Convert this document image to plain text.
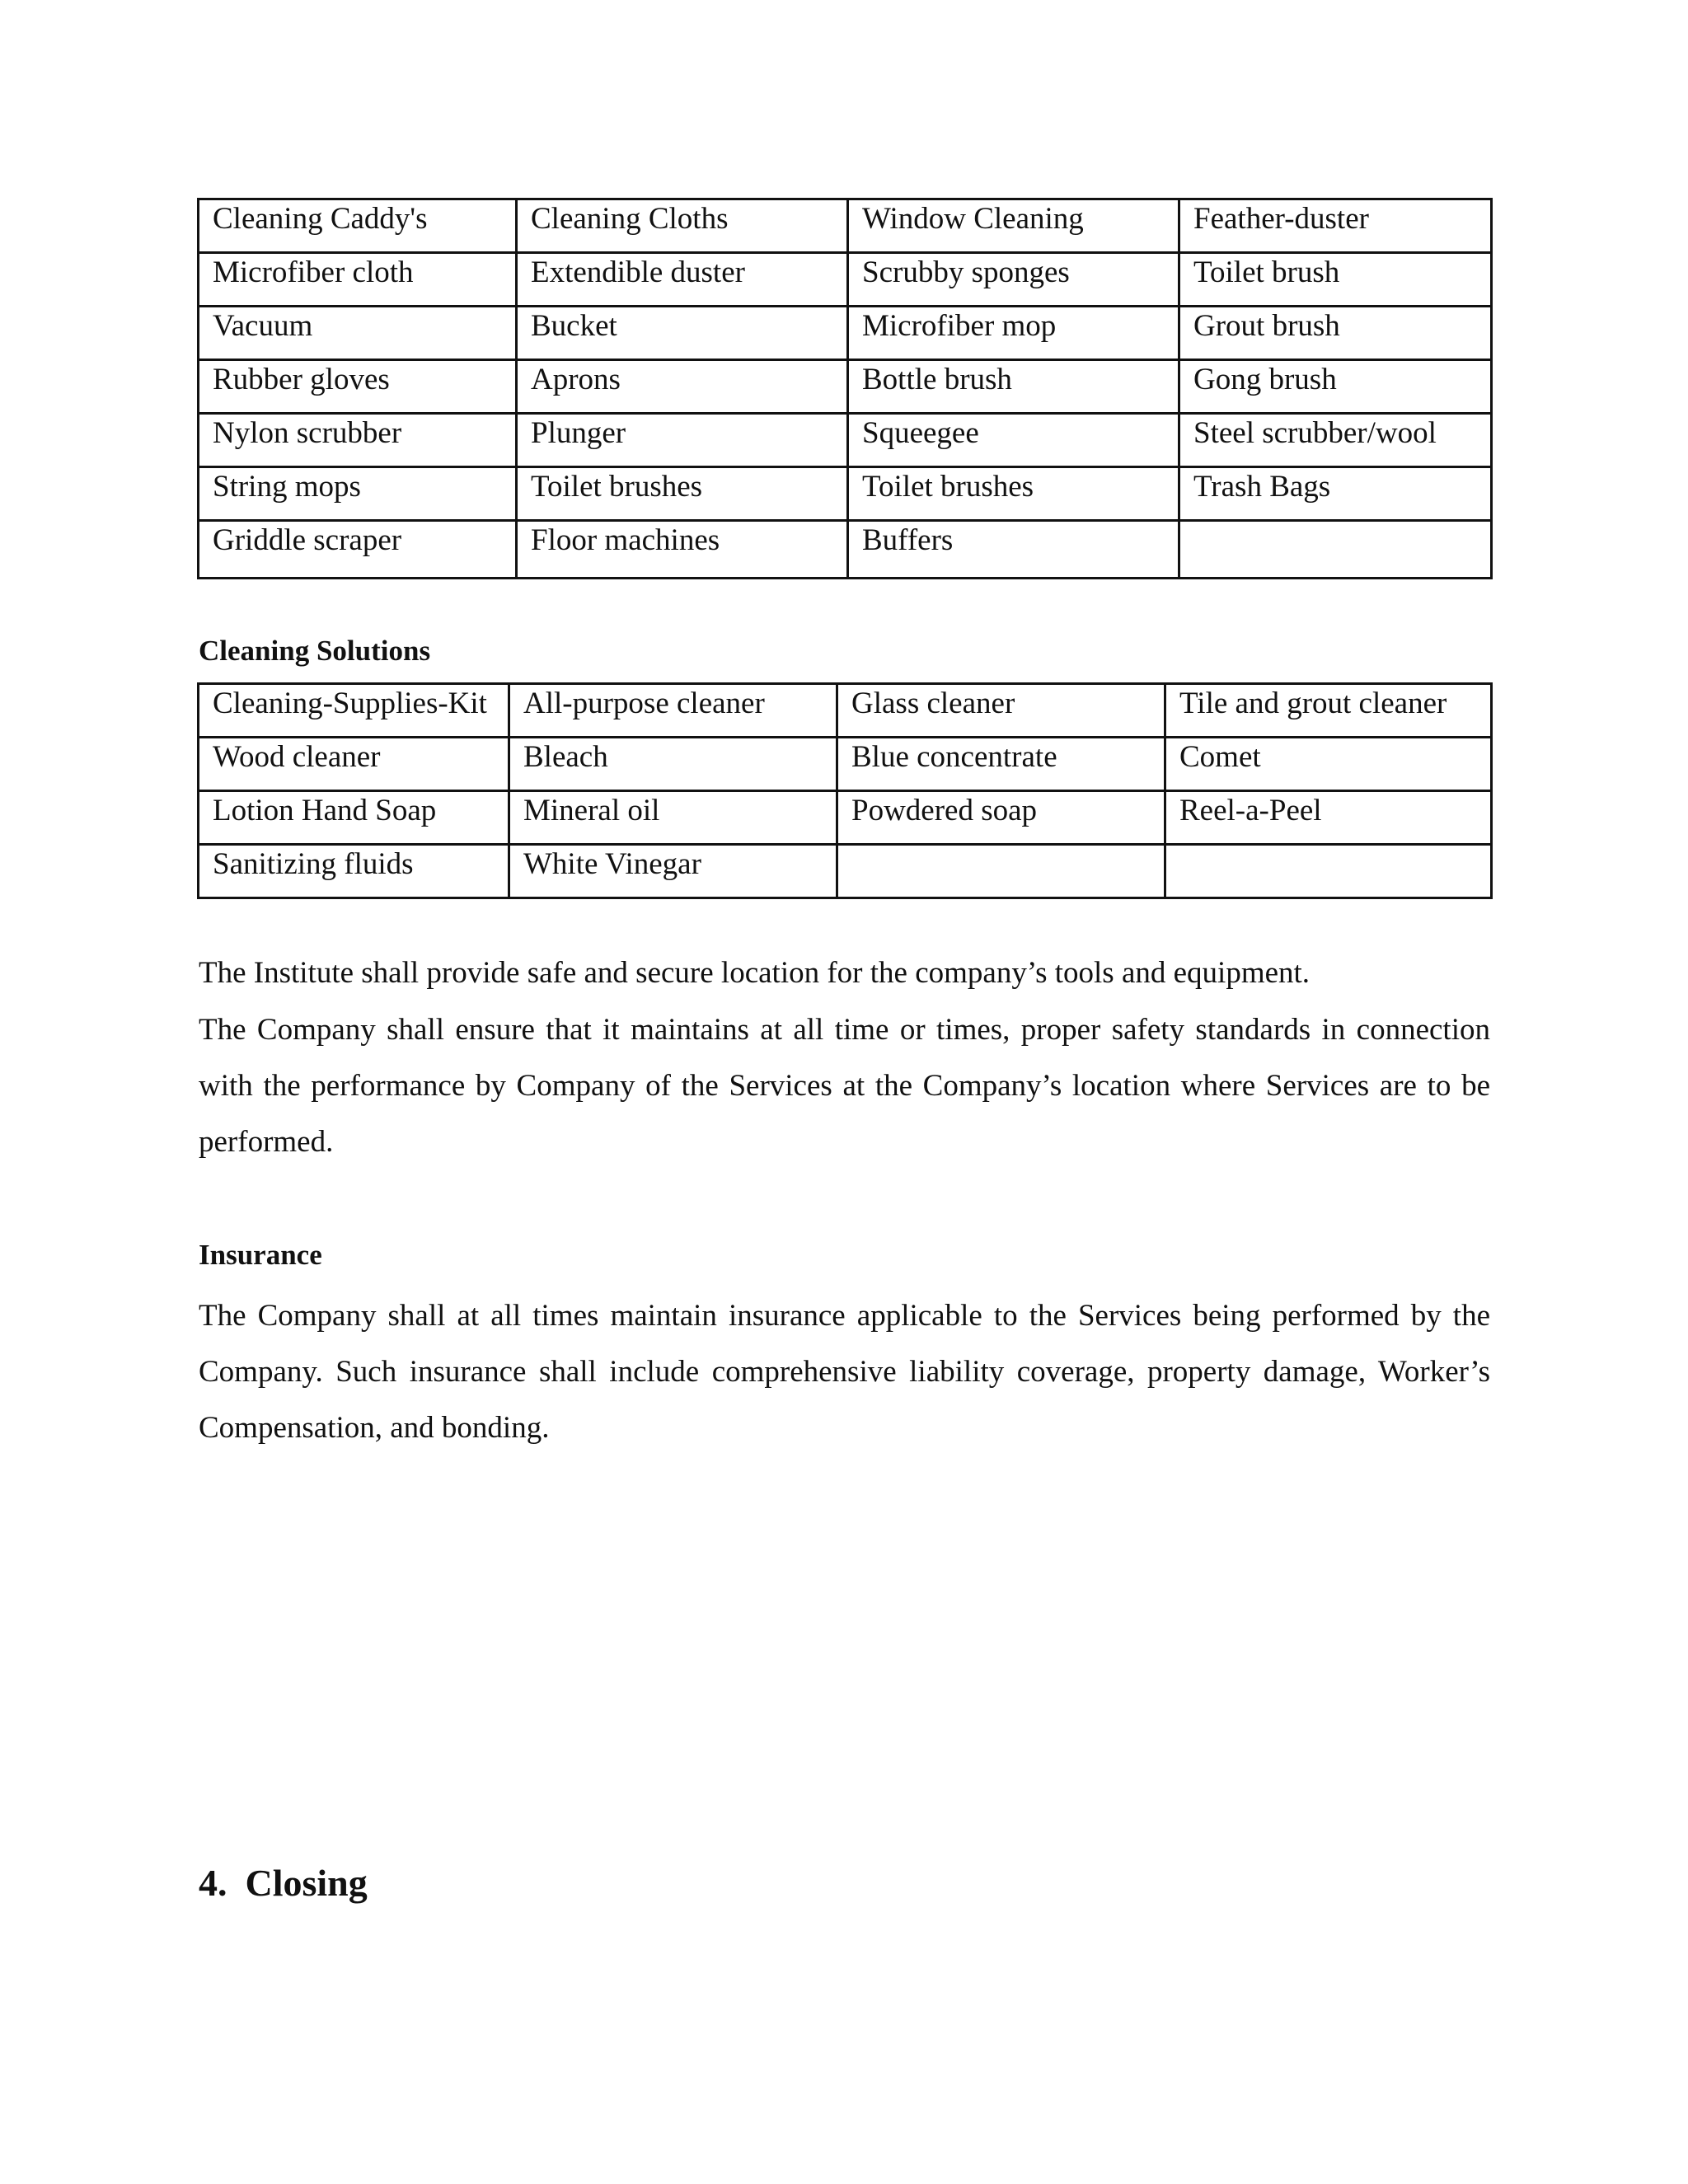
Cleaning Caddy's	Cleaning Cloths	Window Cleaning	Feather-duster

Microfiber cloth	Extendible duster	Scrubby sponges	Toilet brush

Vacuum	Bucket	Microfiber mop	Grout brush

Rubber gloves	Aprons	Bottle brush	Gong brush

Nylon scrubber	Plunger	Squeegee	Steel scrubber/wool

String mops	Toilet brushes	Toilet brushes	Trash Bags

Griddle scraper	Floor machines	Buffers	

Cleaning Solutions
Cleaning-Supplies-Kit	All-purpose cleaner	Glass cleaner	Tile and grout cleaner

Wood cleaner	Bleach	Blue concentrate	Comet

Lotion Hand Soap	Mineral oil	Powdered soap	Reel-a-Peel

Sanitizing fluids	White Vinegar		

The Institute shall provide safe and secure location for the company’s tools and equipment.

The Company shall ensure that it maintains at all time or times, proper safety standards in connection with the performance by Company of the Services at the Company’s location where Services are to be performed.

Insurance

The Company shall at all times maintain insurance applicable to the Services being performed by the Company. Such insurance shall include comprehensive liability coverage, property damage, Worker’s Compensation, and bonding.

4. Closing
